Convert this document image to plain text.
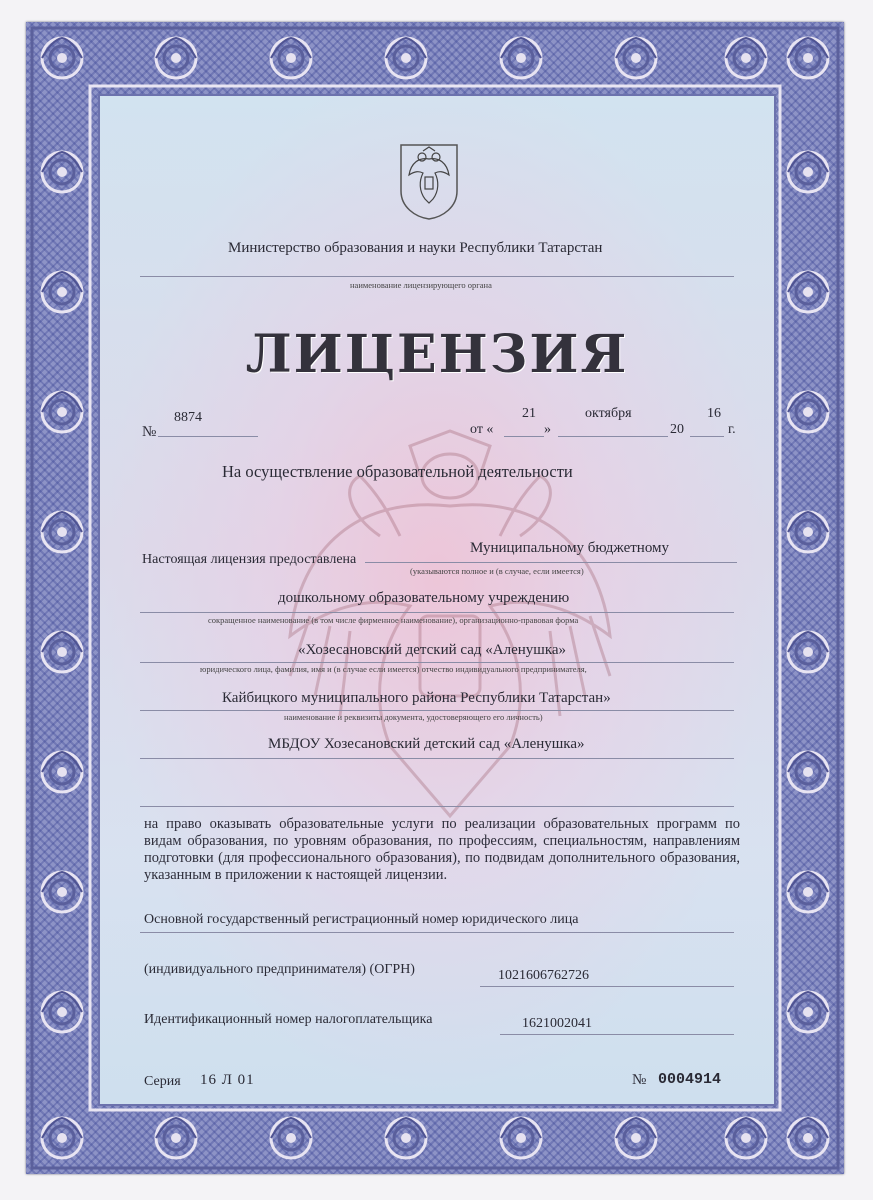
Министерство образования и науки Республики Татарстан
наименование лицензирующего органа
ЛИЦЕНЗИЯ
№
8874
от «
21
»
октября
20
16
г.
На осуществление образовательной деятельности
Настоящая лицензия предоставлена
Муниципальному бюджетному
(указываются полное и (в случае, если имеется)
дошкольному образовательному учреждению
сокращенное наименование (в том числе фирменное наименование), организационно-правовая форма
«Хозесановский детский сад «Аленушка»
юридического лица, фамилия, имя и (в случае если имеется) отчество индивидуального предпринимателя,
Кайбицкого муниципального района Республики Татарстан»
наименование и реквизиты документа, удостоверяющего его личность)
МБДОУ Хозесановский детский сад «Аленушка»
на право оказывать образовательные услуги по реализации образовательных программ по видам образования, по уровням образования, по профессиям, специальностям, направлениям подготовки (для профессионального образования), по подвидам дополнительного образования, указанным в приложении к настоящей лицензии.
Основной государственный регистрационный номер юридического лица
(индивидуального предпринимателя) (ОГРН)	1021606762726
Идентификационный номер налогоплательщика	1621002041
Серия 16 Л 01	№ 0004914
